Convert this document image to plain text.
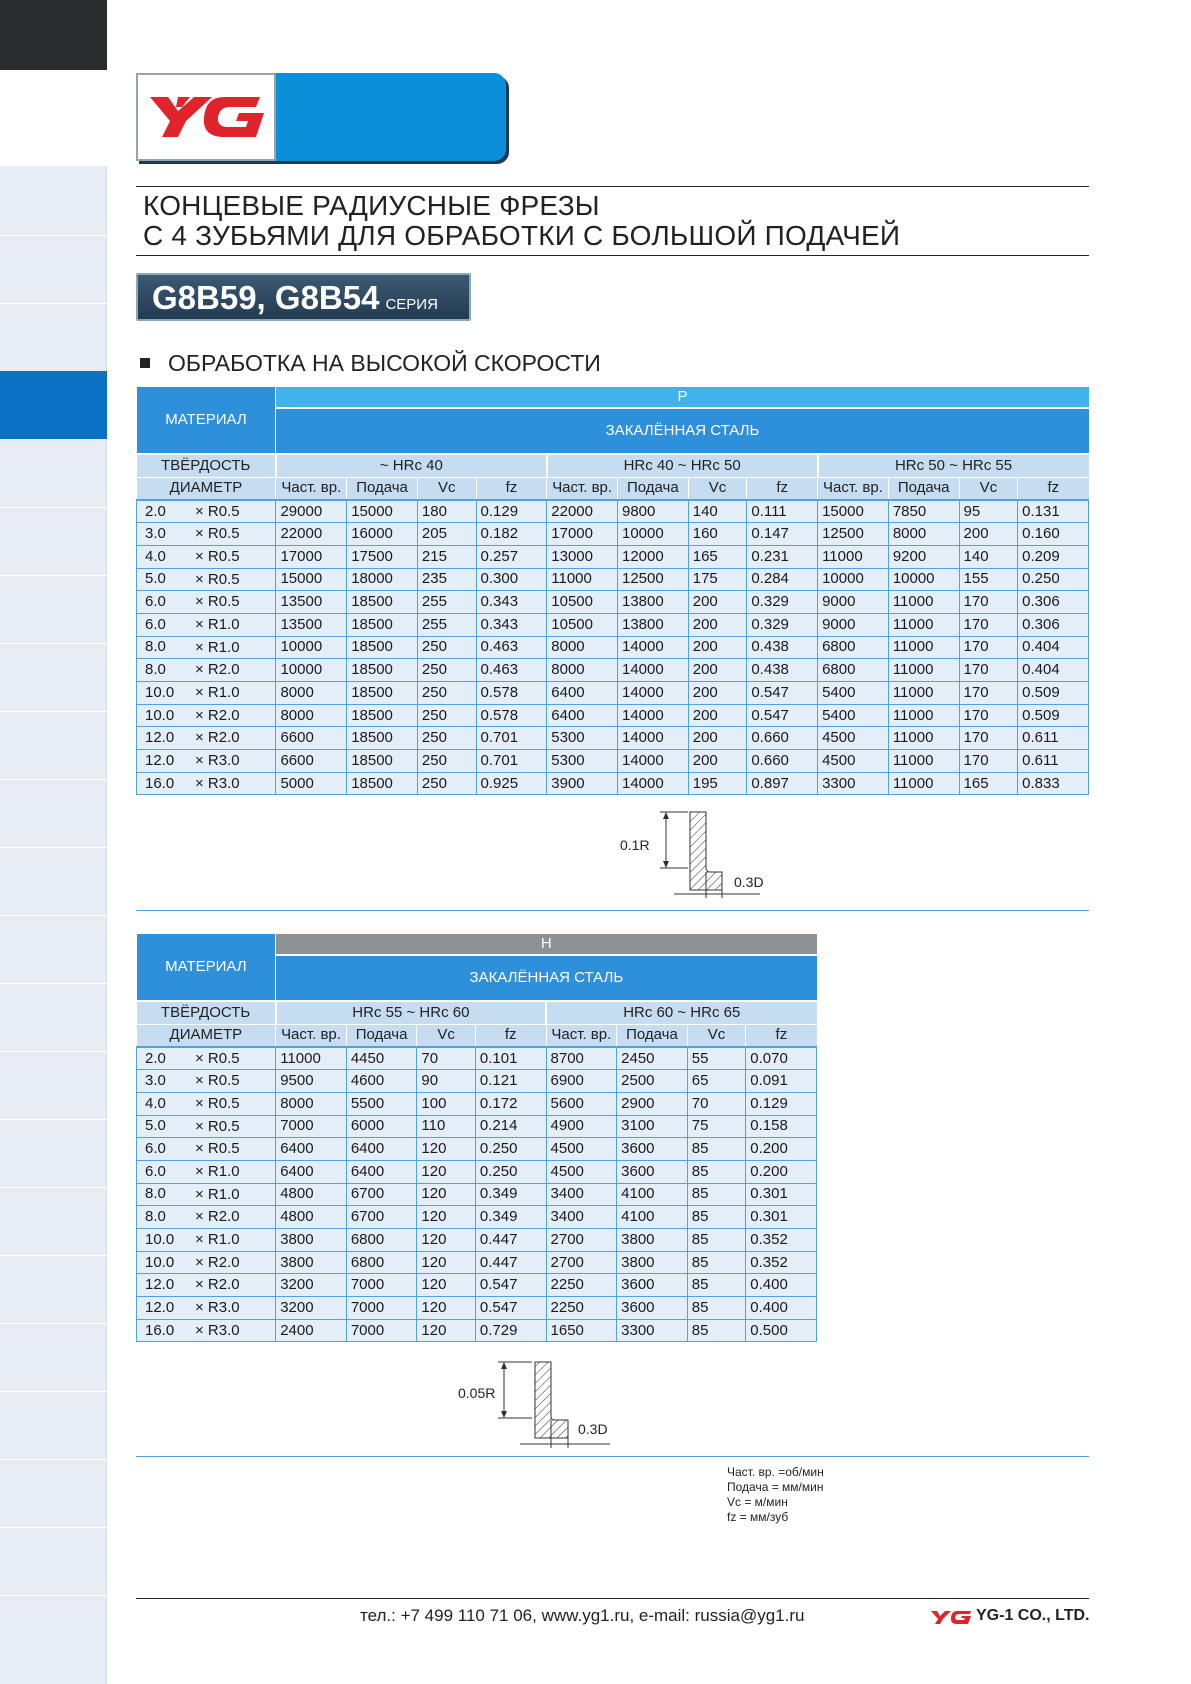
КОНЦЕВЫЕ РАДИУСНЫЕ ФРЕЗЫ
С 4 ЗУБЬЯМИ ДЛЯ ОБРАБОТКИ С БОЛЬШОЙ ПОДАЧЕЙ
G8B59, G8B54 СЕРИЯ
ОБРАБОТКА НА ВЫСОКОЙ СКОРОСТИ
МАТЕРИАЛ	P											
	ЗАКАЛЁННАЯ СТАЛЬ											
ТВЁРДОСТЬ	~ HRc 40				HRc 40 ~ HRc 50				HRc 50 ~ HRc 55			
ДИАМЕТР	Част. вр.	Подача	Vc	fz	Част. вр.	Подача	Vc	fz	Част. вр.	Подача	Vc	fz
2.0 × R0.5	29000	15000	180	0.129	22000	9800	140	0.111	15000	7850	95	0.131
3.0 × R0.5	22000	16000	205	0.182	17000	10000	160	0.147	12500	8000	200	0.160
4.0 × R0.5	17000	17500	215	0.257	13000	12000	165	0.231	11000	9200	140	0.209
5.0 × R0.5	15000	18000	235	0.300	11000	12500	175	0.284	10000	10000	155	0.250
6.0 × R0.5	13500	18500	255	0.343	10500	13800	200	0.329	9000	11000	170	0.306
6.0 × R1.0	13500	18500	255	0.343	10500	13800	200	0.329	9000	11000	170	0.306
8.0 × R1.0	10000	18500	250	0.463	8000	14000	200	0.438	6800	11000	170	0.404
8.0 × R2.0	10000	18500	250	0.463	8000	14000	200	0.438	6800	11000	170	0.404
10.0 × R1.0	8000	18500	250	0.578	6400	14000	200	0.547	5400	11000	170	0.509
10.0 × R2.0	8000	18500	250	0.578	6400	14000	200	0.547	5400	11000	170	0.509
12.0 × R2.0	6600	18500	250	0.701	5300	14000	200	0.660	4500	11000	170	0.611
12.0 × R3.0	6600	18500	250	0.701	5300	14000	200	0.660	4500	11000	170	0.611
16.0 × R3.0	5000	18500	250	0.925	3900	14000	195	0.897	3300	11000	165	0.833
0.1R
0.3D
МАТЕРИАЛ	H							
	ЗАКАЛЁННАЯ СТАЛЬ							
ТВЁРДОСТЬ	HRc 55 ~ HRc 60				HRc 60 ~ HRc 65			
ДИАМЕТР	Част. вр.	Подача	Vc	fz	Част. вр.	Подача	Vc	fz
2.0 × R0.5	11000	4450	70	0.101	8700	2450	55	0.070
3.0 × R0.5	9500	4600	90	0.121	6900	2500	65	0.091
4.0 × R0.5	8000	5500	100	0.172	5600	2900	70	0.129
5.0 × R0.5	7000	6000	110	0.214	4900	3100	75	0.158
6.0 × R0.5	6400	6400	120	0.250	4500	3600	85	0.200
6.0 × R1.0	6400	6400	120	0.250	4500	3600	85	0.200
8.0 × R1.0	4800	6700	120	0.349	3400	4100	85	0.301
8.0 × R2.0	4800	6700	120	0.349	3400	4100	85	0.301
10.0 × R1.0	3800	6800	120	0.447	2700	3800	85	0.352
10.0 × R2.0	3800	6800	120	0.447	2700	3800	85	0.352
12.0 × R2.0	3200	7000	120	0.547	2250	3600	85	0.400
12.0 × R3.0	3200	7000	120	0.547	2250	3600	85	0.400
16.0 × R3.0	2400	7000	120	0.729	1650	3300	85	0.500
0.05R
0.3D
Част. вр. =об/мин
Подача = мм/мин
Vc = м/мин
fz = мм/зуб
тел.: +7 499 110 71 06, www.yg1.ru, e-mail: russia@yg1.ru	YG-1 CO., LTD.
